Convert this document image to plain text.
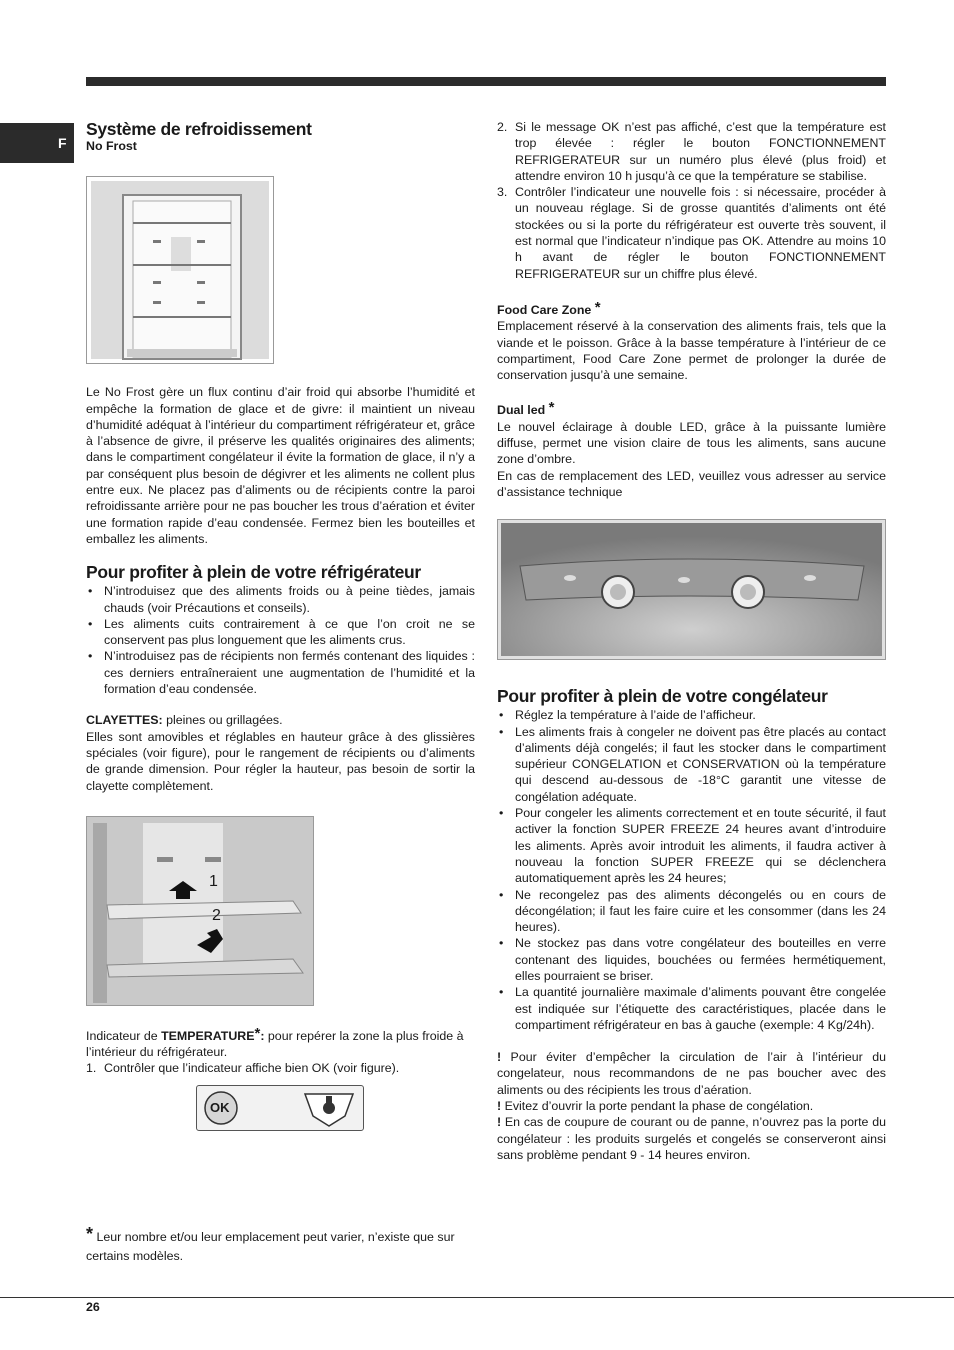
F
Système de refroidissement
No Frost

Le No Frost gère un flux continu d’air froid qui absorbe l’humidité et empêche la formation de glace et de givre: il maintient un niveau d’humidité adéquat à l’intérieur du compartiment réfrigérateur et, grâce à l’absence de givre, il préserve les qualités originaires des aliments; dans le compartiment congélateur il évite la formation de glace, il n’y a par conséquent plus besoin de dégivrer et les aliments ne collent plus entre eux. Ne placez pas d’aliments ou de récipients contre la paroi refroidissante arrière pour ne pas boucher les trous d’aération et éviter une formation rapide d’eau condensée. Fermez bien les bouteilles et emballez les aliments.

Pour profiter à plein de votre réfrigérateur
• N’introduisez que des aliments froids ou à peine tièdes, jamais chauds (voir Précautions et conseils).
• Les aliments cuits contrairement à ce que l’on croit ne se conservent pas plus longuement que les aliments crus.
• N’introduisez pas de récipients non fermés contenant des liquides : ces derniers entraîneraient une augmentation de l’humidité et la formation d’eau condensée.

CLAYETTES: pleines ou grillagées.

Elles sont amovibles et réglables en hauteur grâce à des glissières spéciales (voir figure), pour le rangement de récipients ou d’aliments de grande dimension. Pour régler la hauteur, pas besoin de sortir la clayette complètement.

1
2

Indicateur de TEMPERATURE*: pour repérer la zone la plus froide à l’intérieur du réfrigérateur.

1. Contrôler que l’indicateur affiche bien OK (voir figure).
OK
* Leur nombre et/ou leur emplacement peut varier, n’existe que sur certains modèles.
2. Si le message OK n’est pas affiché, c’est que la température est trop élevée : régler le bouton FONCTIONNEMENT REFRIGERATEUR sur un numéro plus élevé (plus froid) et attendre environ 10 h jusqu’à ce que la température se stabilise.
3. Contrôler l’indicateur une nouvelle fois : si nécessaire, procéder à un nouveau réglage. Si de grosse quantités d’aliments ont été stockées ou si la porte du réfrigérateur est ouverte très souvent, il est normal que l’indicateur n’indique pas OK. Attendre au moins 10 h avant de régler le bouton FONCTIONNEMENT REFRIGERATEUR sur un chiffre plus élevé.
Food Care Zone *

Emplacement réservé à la conservation des aliments frais, tels que la viande et le poisson. Grâce à la basse température à l’intérieur de ce compartiment, Food Care Zone permet de prolonger la durée de conservation jusqu’à une semaine.

Dual led *

Le nouvel éclairage à double LED, grâce à la puissante lumière diffuse, permet une vision claire de tous les aliments, sans aucune zone d’ombre.

En cas de remplacement des LED, veuillez vous adresser au service d’assistance technique

Pour profiter à plein de votre congélateur
• Réglez la température à l’aide de l’afficheur.
• Les aliments frais à congeler ne doivent pas être placés au contact d’aliments déjà congelés; il faut les stocker dans le compartiment supérieur CONGELATION et CONSERVATION où la température qui descend au-dessous de -18°C garantit une vitesse de congélation adéquate.
• Pour congeler les aliments correctement et en toute sécurité, il faut activer la fonction SUPER FREEZE 24 heures avant d’introduire les aliments. Après avoir introduit les aliments, il faudra activer à nouveau la fonction SUPER FREEZE qui se déclenchera automatiquement après les 24 heures;
• Ne recongelez pas des aliments décongelés ou en cours de décongélation; il faut les faire cuire et les consommer (dans les 24 heures).
• Ne stockez pas dans votre congélateur des bouteilles en verre contenant des liquides, bouchées ou fermées hermétiquement, elles pourraient se briser.
• La quantité journalière maximale d’aliments pouvant être congelée est indiquée sur l’étiquette des caractéristiques, placée dans le compartiment réfrigérateur en bas à gauche (exemple: 4 Kg/24h).

! Pour éviter d’empêcher la circulation de l’air à l’intérieur du congelateur, nous recommandons de ne pas boucher avec des aliments ou des récipients les trous d’aération.

! Evitez d’ouvrir la porte pendant la phase de congélation.

! En cas de coupure de courant ou de panne, n’ouvrez pas la porte du congélateur : les produits surgelés et congelés se conserveront ainsi sans problème pendant 9 - 14 heures environ.

26
